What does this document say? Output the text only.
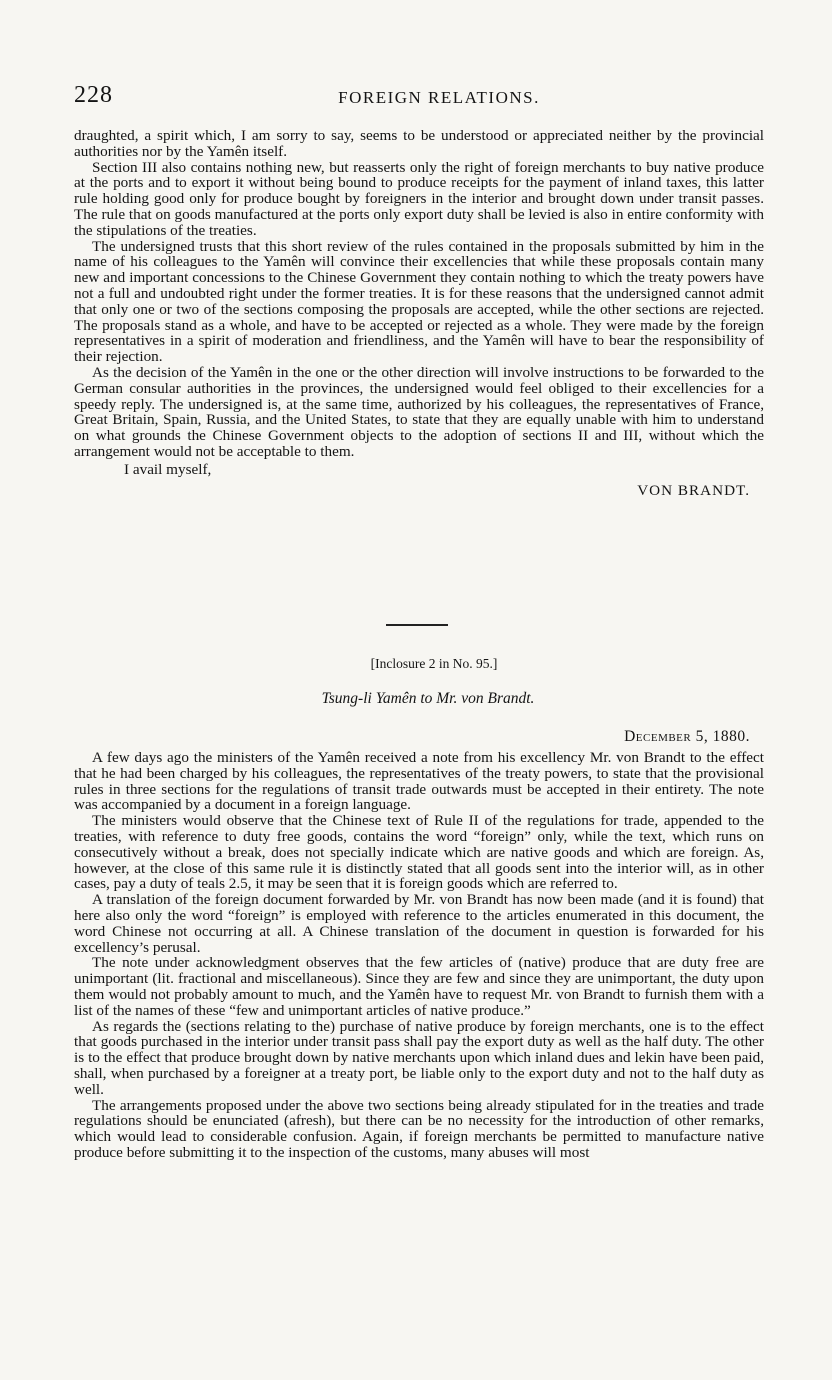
228	FOREIGN RELATIONS.

draughted, a spirit which, I am sorry to say, seems to be understood or appreciated neither by the provincial authorities nor by the Yamên itself.

Section III also contains nothing new, but reasserts only the right of foreign merchants to buy native produce at the ports and to export it without being bound to produce receipts for the payment of inland taxes, this latter rule holding good only for produce bought by foreigners in the interior and brought down under transit passes. The rule that on goods manufactured at the ports only export duty shall be levied is also in entire conformity with the stipulations of the treaties.

The undersigned trusts that this short review of the rules contained in the proposals submitted by him in the name of his colleagues to the Yamên will convince their excellencies that while these proposals contain many new and important concessions to the Chinese Government they contain nothing to which the treaty powers have not a full and undoubted right under the former treaties. It is for these reasons that the undersigned cannot admit that only one or two of the sections composing the proposals are accepted, while the other sections are rejected. The proposals stand as a whole, and have to be accepted or rejected as a whole. They were made by the foreign representatives in a spirit of moderation and friendliness, and the Yamên will have to bear the responsibility of their rejection.

As the decision of the Yamên in the one or the other direction will involve instructions to be forwarded to the German consular authorities in the provinces, the undersigned would feel obliged to their excellencies for a speedy reply. The undersigned is, at the same time, authorized by his colleagues, the representatives of France, Great Britain, Spain, Russia, and the United States, to state that they are equally unable with him to understand on what grounds the Chinese Government objects to the adoption of sections II and III, without which the arrangement would not be acceptable to them.

I avail myself,
VON BRANDT.
[Inclosure 2 in No. 95.]
Tsung-li Yamên to Mr. von Brandt.
December 5, 1880.

A few days ago the ministers of the Yamên received a note from his excellency Mr. von Brandt to the effect that he had been charged by his colleagues, the representatives of the treaty powers, to state that the provisional rules in three sections for the regulations of transit trade outwards must be accepted in their entirety. The note was accompanied by a document in a foreign language.

The ministers would observe that the Chinese text of Rule II of the regulations for trade, appended to the treaties, with reference to duty free goods, contains the word “foreign” only, while the text, which runs on consecutively without a break, does not specially indicate which are native goods and which are foreign. As, however, at the close of this same rule it is distinctly stated that all goods sent into the interior will, as in other cases, pay a duty of teals 2.5, it may be seen that it is foreign goods which are referred to.

A translation of the foreign document forwarded by Mr. von Brandt has now been made (and it is found) that here also only the word “foreign” is employed with reference to the articles enumerated in this document, the word Chinese not occurring at all. A Chinese translation of the document in question is forwarded for his excellency’s perusal.

The note under acknowledgment observes that the few articles of (native) produce that are duty free are unimportant (lit. fractional and miscellaneous). Since they are few and since they are unimportant, the duty upon them would not probably amount to much, and the Yamên have to request Mr. von Brandt to furnish them with a list of the names of these “few and unimportant articles of native produce.”

As regards the (sections relating to the) purchase of native produce by foreign merchants, one is to the effect that goods purchased in the interior under transit pass shall pay the export duty as well as the half duty. The other is to the effect that produce brought down by native merchants upon which inland dues and lekin have been paid, shall, when purchased by a foreigner at a treaty port, be liable only to the export duty and not to the half duty as well.

The arrangements proposed under the above two sections being already stipulated for in the treaties and trade regulations should be enunciated (afresh), but there can be no necessity for the introduction of other remarks, which would lead to considerable confusion. Again, if foreign merchants be permitted to manufacture native produce before submitting it to the inspection of the customs, many abuses will most
